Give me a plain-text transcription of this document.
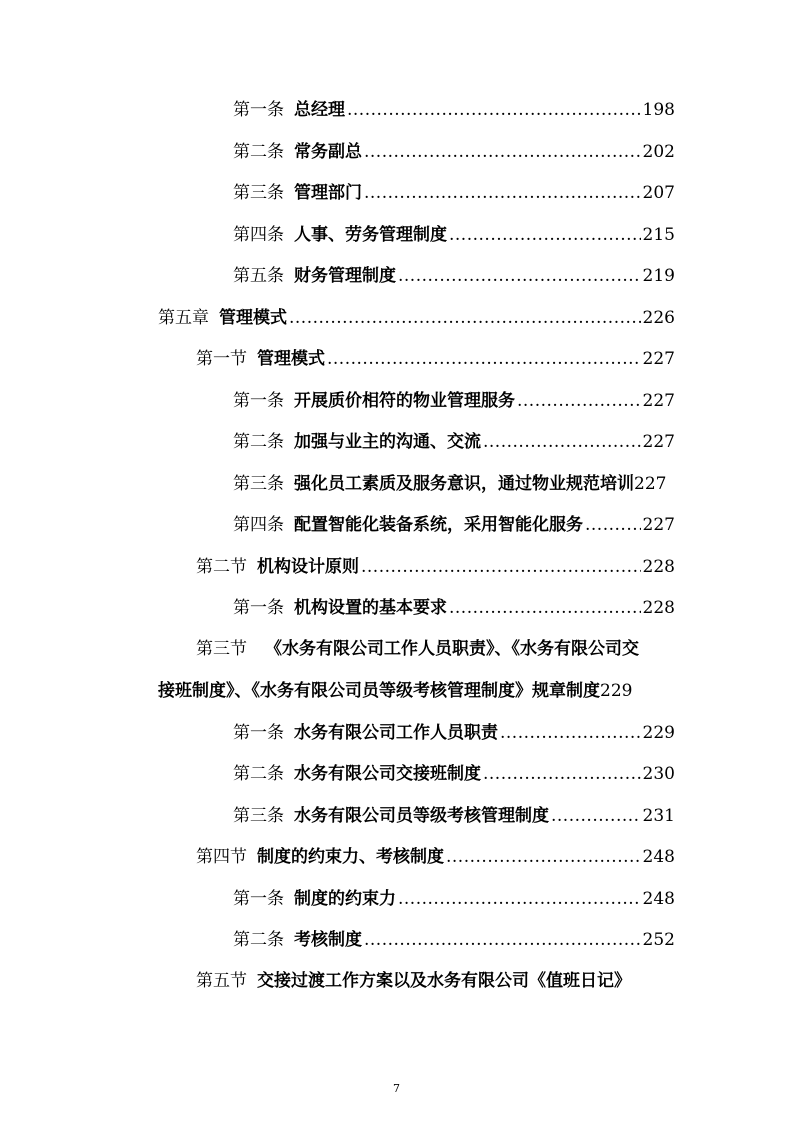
第一条 总经理 .....	198
第二条 常务副总 .....	202
第三条 管理部门 .....	207
第四条 人事、劳务管理制度 .....	215
第五条 财务管理制度 .....	219
第五章 管理模式 .....	226
第一节 管理模式 .....	227
第一条 开展质价相符的物业管理服务 .....	227
第二条 加强与业主的沟通、交流 .....	227
第三条 强化员工素质及服务意识，通过物业规范培训 227
第四条 配置智能化装备系统，采用智能化服务 .....	227
第二节 机构设计原则 .....	228
第一条 机构设置的基本要求 .....	228
第三节 《水务有限公司工作人员职责》、《水务有限公司交
接班制度》、《水务有限公司员等级考核管理制度》规章制度229
第一条 水务有限公司工作人员职责 .....	229
第二条 水务有限公司交接班制度 .....	230
第三条 水务有限公司员等级考核管理制度 .....	231
第四节 制度的约束力、考核制度 .....	248
第一条 制度的约束力 .....	248
第二条 考核制度 .....	252
第五节 交接过渡工作方案以及水务有限公司《值班日记》
7
